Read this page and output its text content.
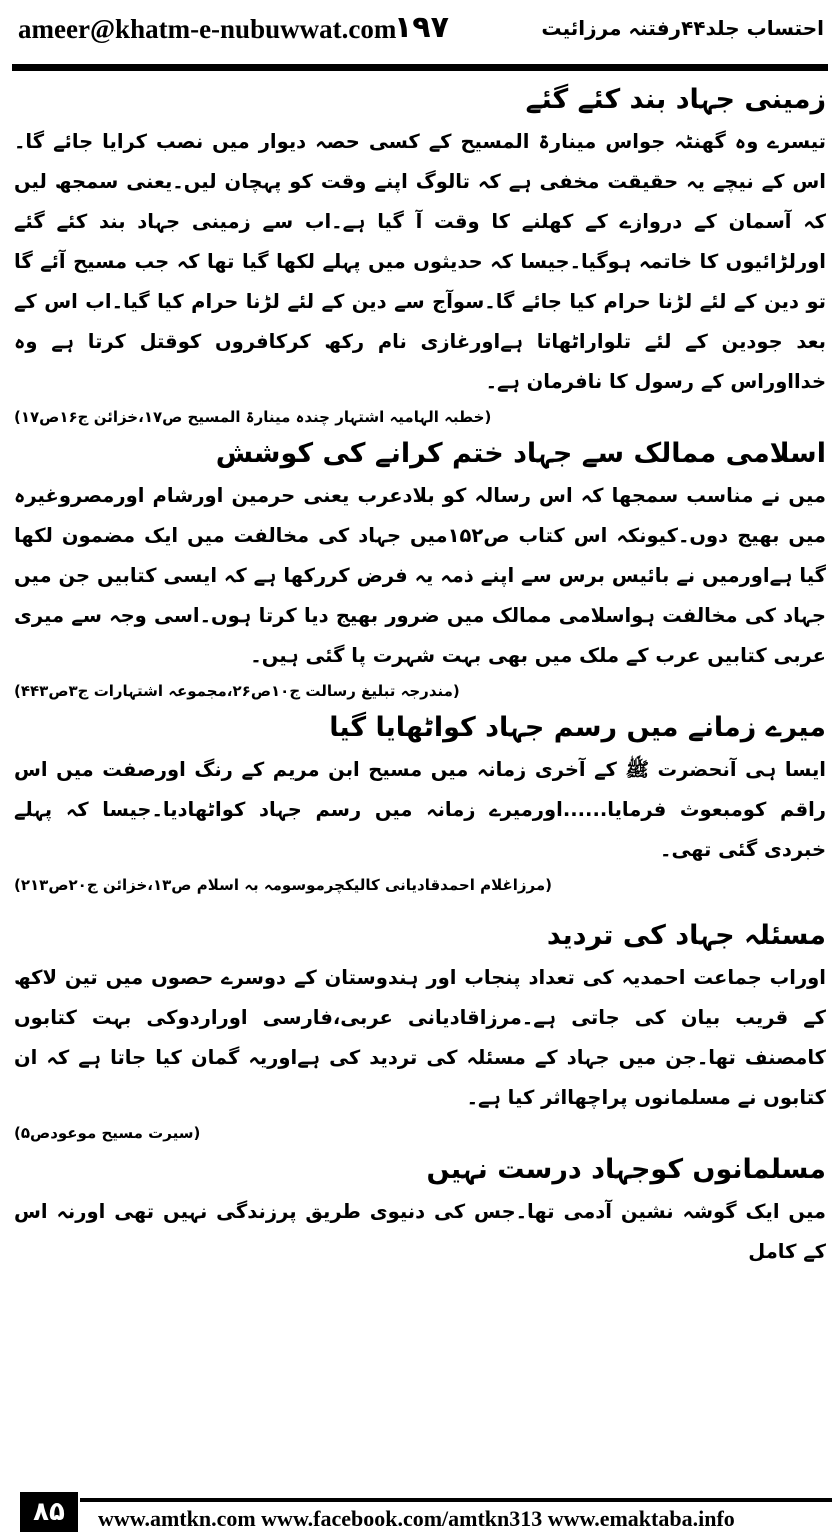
ameer@khatm-e-nubuwwat.com
۱۹۷	احتساب جلد۴۴رفتنہ مرزائیت
زمینی جہاد بند کئے گئے

تیسرے وہ گھنٹہ جواس مینارۃ المسیح کے کسی حصہ دیوار میں نصب کرایا جائے گا۔اس کے نیچے یہ حقیقت مخفی ہے کہ تالوگ اپنے وقت کو پہچان لیں۔یعنی سمجھ لیں کہ آسمان کے دروازے کے کھلنے کا وقت آ گیا ہے۔اب سے زمینی جہاد بند کئے گئے اورلڑائیوں کا خاتمہ ہوگیا۔جیسا کہ حدیثوں میں پہلے لکھا گیا تھا کہ جب مسیح آئے گا تو دین کے لئے لڑنا حرام کیا جائے گا۔سوآج سے دین کے لئے لڑنا حرام کیا گیا۔اب اس کے بعد جودین کے لئے تلواراٹھاتا ہےاورغازی نام رکھ کرکافروں کوقتل کرتا ہے وہ خدااوراس کے رسول کا نافرمان ہے۔

(خطبہ الہامیہ اشتہار چندہ مینارۃ المسیح ص۱۷،خزائن ج۱۶ص۱۷)

اسلامی ممالک سے جہاد ختم کرانے کی کوشش

میں نے مناسب سمجھا کہ اس رسالہ کو بلادعرب یعنی حرمین اورشام اورمصروغیرہ میں بھیج دوں۔کیونکہ اس کتاب ص۱۵۲میں جہاد کی مخالفت میں ایک مضمون لکھا گیا ہےاورمیں نے بائیس برس سے اپنے ذمہ یہ فرض کررکھا ہے کہ ایسی کتابیں جن میں جہاد کی مخالفت ہواسلامی ممالک میں ضرور بھیج دیا کرتا ہوں۔اسی وجہ سے میری عربی کتابیں عرب کے ملک میں بھی بہت شہرت پا گئی ہیں۔

(مندرجہ تبلیغ رسالت ج۱۰ص۲۶،مجموعہ اشتہارات ج۳ص۴۴۳)

میرے زمانے میں رسم جہاد کواٹھایا گیا

ایسا ہی آنحضرت ﷺ کے آخری زمانہ میں مسیح ابن مریم کے رنگ اورصفت میں اس راقم کومبعوث فرمایا......اورمیرے زمانہ میں رسم جہاد کواٹھادیا۔جیسا کہ پہلے خبردی گئی تھی۔

(مرزاغلام احمدقادیانی کالیکچرموسومہ بہ اسلام ص۱۳،خزائن ج۲۰ص۲۱۳)

مسئلہ جہاد کی تردید

اوراب جماعت احمدیہ کی تعداد پنجاب اور ہندوستان کے دوسرے حصوں میں تین لاکھ کے قریب بیان کی جاتی ہے۔مرزاقادیانی عربی،فارسی اوراردوکی بہت کتابوں کامصنف تھا۔جن میں جہاد کے مسئلہ کی تردید کی ہےاوریہ گمان کیا جاتا ہے کہ ان کتابوں نے مسلمانوں پراچھااثر کیا ہے۔

(سیرت مسیح موعودص۵)

مسلمانوں کوجہاد درست نہیں

میں ایک گوشہ نشین آدمی تھا۔جس کی دنیوی طریق پرزندگی نہیں تھی اورنہ اس کے کامل

۸۵	www.amtkn.com www.facebook.com/amtkn313 www.emaktaba.info
